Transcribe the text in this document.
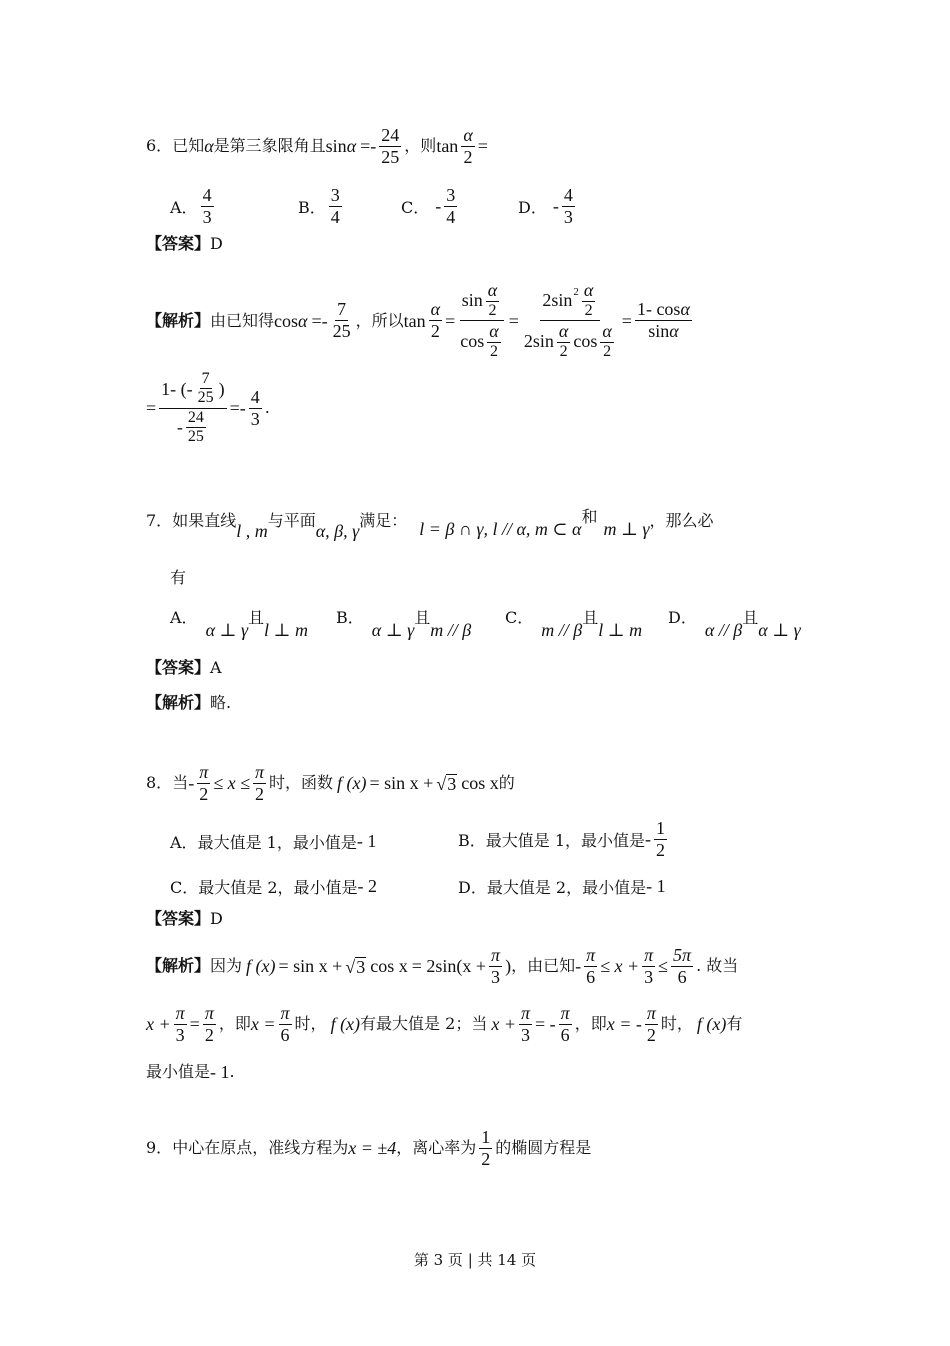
6． 已知 α 是第三象限角且 $\sin \alpha =- \frac{24}{25}$ ，则 $\tan \frac{\alpha}{2}$ =
A． $\frac{4}{3}$	B． $\frac{3}{4}$	C． - $\frac{3}{4}$	D． - $\frac{4}{3}$
【答案】 D
【解析】 由已知得 $\cos \alpha =- \frac{7}{25}$ ，所以 $\tan \frac{\alpha}{2} = \frac{\sin \frac{\alpha}{2}}{\cos \frac{\alpha}{2}}$ =
2 $\sin 2 \frac{\alpha}{2}$
2 $\sin \frac{\alpha}{2}$ $\cos \frac{\alpha}{2}$
= $\frac{\text{1- cos α}}{\text{sin α}}$
= $\frac{1- (- \frac{7}{25} )}{- \frac{24}{25}} =- \frac{4}{3}$ .
7． 如果直线
l , m
与平面
α, β, γ
满足： l = β ∩ γ, l // α, m ⊂ α
和
m ⊥ γ ，那么必
有
A．
α ⊥ γ
且
l ⊥ m
B．
α ⊥ γ
且
m // β
C．
m // β
且
l ⊥ m
D．
α // β
且
α ⊥ γ
【答案】 A
【解析】 略.
8． 当 - $\frac{\pi}{2} \le x \le \frac{\pi}{2}$ 时，函数 f (x) = sin x + √ 3 cos x 的
A． 最大值是 1，最小值是 - 1	B． 最大值是 1，最小值是 - $\frac{1}{2}$
C． 最大值是 2，最小值是 - 2	D． 最大值是 2，最小值是 - 1
【答案】 D
【解析】 因为 f (x) = sin x + √ 3 $\cos x = 2\sin(x + \frac{\pi}{3}$ ) ，由已知 - $\frac{\pi}{6} \le x + \frac{\pi}{3} \le \frac{5\pi}{6}$ . 故当
$x + \frac{\pi}{3} = \frac{\pi}{2}$ ，即 $x = \frac{\pi}{6}$ 时， f (x) 有最大值是 2；当 $x + \frac{\pi}{3}$ = - $\frac{\pi}{6}$ ，即 x = - $\frac{\pi}{2}$ 时， f (x) 有
最小值是 - 1 .
9． 中心在原点，准线方程为 x = ±4 ，离心率为 $\frac{1}{2}$ 的椭圆方程是
第 3 页 | 共 14 页
